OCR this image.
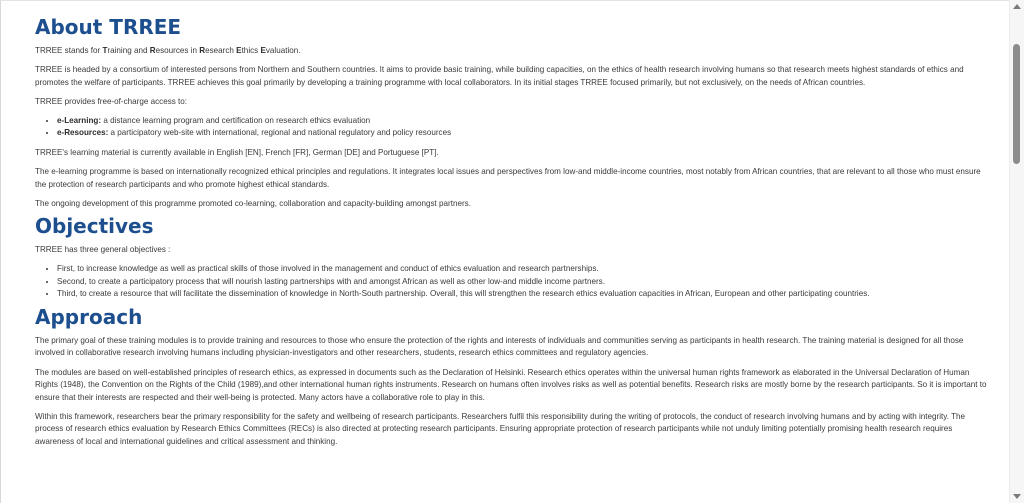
About TRREE

TRREE stands for Training and Resources in Research Ethics Evaluation.

TRREE is headed by a consortium of interested persons from Northern and Southern countries. It aims to provide basic training, while building capacities, on the ethics of health research involving humans so that research meets highest standards of ethics and promotes the welfare of participants. TRREE achieves this goal primarily by developing a training programme with local collaborators. In its initial stages TRREE focused primarily, but not exclusively, on the needs of African countries.

TRREE provides free-of-charge access to:

• e-Learning: a distance learning program and certification on research ethics evaluation
• e-Resources: a participatory web-site with international, regional and national regulatory and policy resources

TRREE's learning material is currently available in English [EN], French [FR], German [DE] and Portuguese [PT].

The e-learning programme is based on internationally recognized ethical principles and regulations. It integrates local issues and perspectives from low-and middle-income countries, most notably from African countries, that are relevant to all those who must ensure the protection of research participants and who promote highest ethical standards.

The ongoing development of this programme promoted co-learning, collaboration and capacity-building amongst partners.

Objectives

TRREE has three general objectives :

• First, to increase knowledge as well as practical skills of those involved in the management and conduct of ethics evaluation and research partnerships.
• Second, to create a participatory process that will nourish lasting partnerships with and amongst African as well as other low-and middle income partners.
• Third, to create a resource that will facilitate the dissemination of knowledge in North-South partnership. Overall, this will strengthen the research ethics evaluation capacities in African, European and other participating countries.
Approach

The primary goal of these training modules is to provide training and resources to those who ensure the protection of the rights and interests of individuals and communities serving as participants in health research. The training material is designed for all those involved in collaborative research involving humans including physician-investigators and other researchers, students, research ethics committees and regulatory agencies.

The modules are based on well-established principles of research ethics, as expressed in documents such as the Declaration of Helsinki. Research ethics operates within the universal human rights framework as elaborated in the Universal Declaration of Human Rights (1948), the Convention on the Rights of the Child (1989),and other international human rights instruments. Research on humans often involves risks as well as potential benefits. Research risks are mostly borne by the research participants. So it is important to ensure that their interests are respected and their well-being is protected. Many actors have a collaborative role to play in this.

Within this framework, researchers bear the primary responsibility for the safety and wellbeing of research participants. Researchers fulfil this responsibility during the writing of protocols, the conduct of research involving humans and by acting with integrity. The process of research ethics evaluation by Research Ethics Committees (RECs) is also directed at protecting research participants. Ensuring appropriate protection of research participants while not unduly limiting potentially promising health research requires awareness of local and international guidelines and critical assessment and thinking.
